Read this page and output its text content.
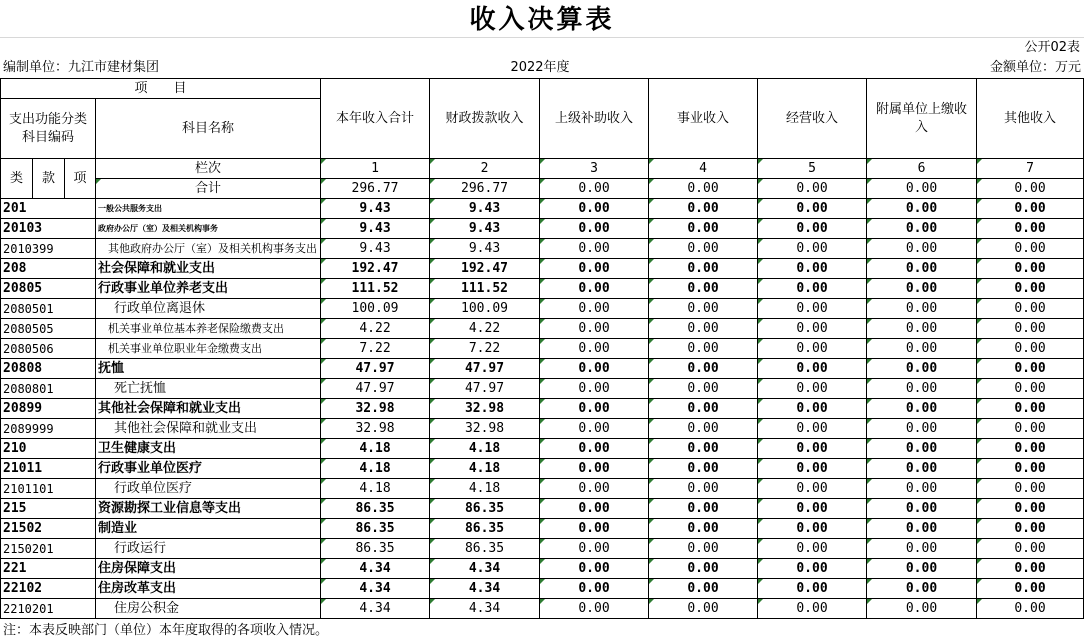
收入决算表
公开02表
编制单位：九江市建材集团	2022年度	金额单位：万元
项　　目				本年收入合计	财政拨款收入	上级补助收入	事业收入	经营收入	附属单位上缴收入	其他收入
支出功能分类科目编码			科目名称							

类	款	项	栏次	1	2	3	4	5	6	7
			合计	296.77	296.77	0.00	0.00	0.00	0.00	0.00
201			一般公共服务支出	9.43	9.43	0.00	0.00	0.00	0.00	0.00
20103			政府办公厅（室）及相关机构事务	9.43	9.43	0.00	0.00	0.00	0.00	0.00
2010399			其他政府办公厅（室）及相关机构事务支出	9.43	9.43	0.00	0.00	0.00	0.00	0.00
208			社会保障和就业支出	192.47	192.47	0.00	0.00	0.00	0.00	0.00
20805			行政事业单位养老支出	111.52	111.52	0.00	0.00	0.00	0.00	0.00
2080501			行政单位离退休	100.09	100.09	0.00	0.00	0.00	0.00	0.00
2080505			机关事业单位基本养老保险缴费支出	4.22	4.22	0.00	0.00	0.00	0.00	0.00
2080506			机关事业单位职业年金缴费支出	7.22	7.22	0.00	0.00	0.00	0.00	0.00
20808			抚恤	47.97	47.97	0.00	0.00	0.00	0.00	0.00
2080801			死亡抚恤	47.97	47.97	0.00	0.00	0.00	0.00	0.00
20899			其他社会保障和就业支出	32.98	32.98	0.00	0.00	0.00	0.00	0.00
2089999			其他社会保障和就业支出	32.98	32.98	0.00	0.00	0.00	0.00	0.00
210			卫生健康支出	4.18	4.18	0.00	0.00	0.00	0.00	0.00
21011			行政事业单位医疗	4.18	4.18	0.00	0.00	0.00	0.00	0.00
2101101			行政单位医疗	4.18	4.18	0.00	0.00	0.00	0.00	0.00
215			资源勘探工业信息等支出	86.35	86.35	0.00	0.00	0.00	0.00	0.00
21502			制造业	86.35	86.35	0.00	0.00	0.00	0.00	0.00
2150201			行政运行	86.35	86.35	0.00	0.00	0.00	0.00	0.00
221			住房保障支出	4.34	4.34	0.00	0.00	0.00	0.00	0.00
22102			住房改革支出	4.34	4.34	0.00	0.00	0.00	0.00	0.00
2210201			住房公积金	4.34	4.34	0.00	0.00	0.00	0.00	0.00
注：本表反映部门（单位）本年度取得的各项收入情况。
